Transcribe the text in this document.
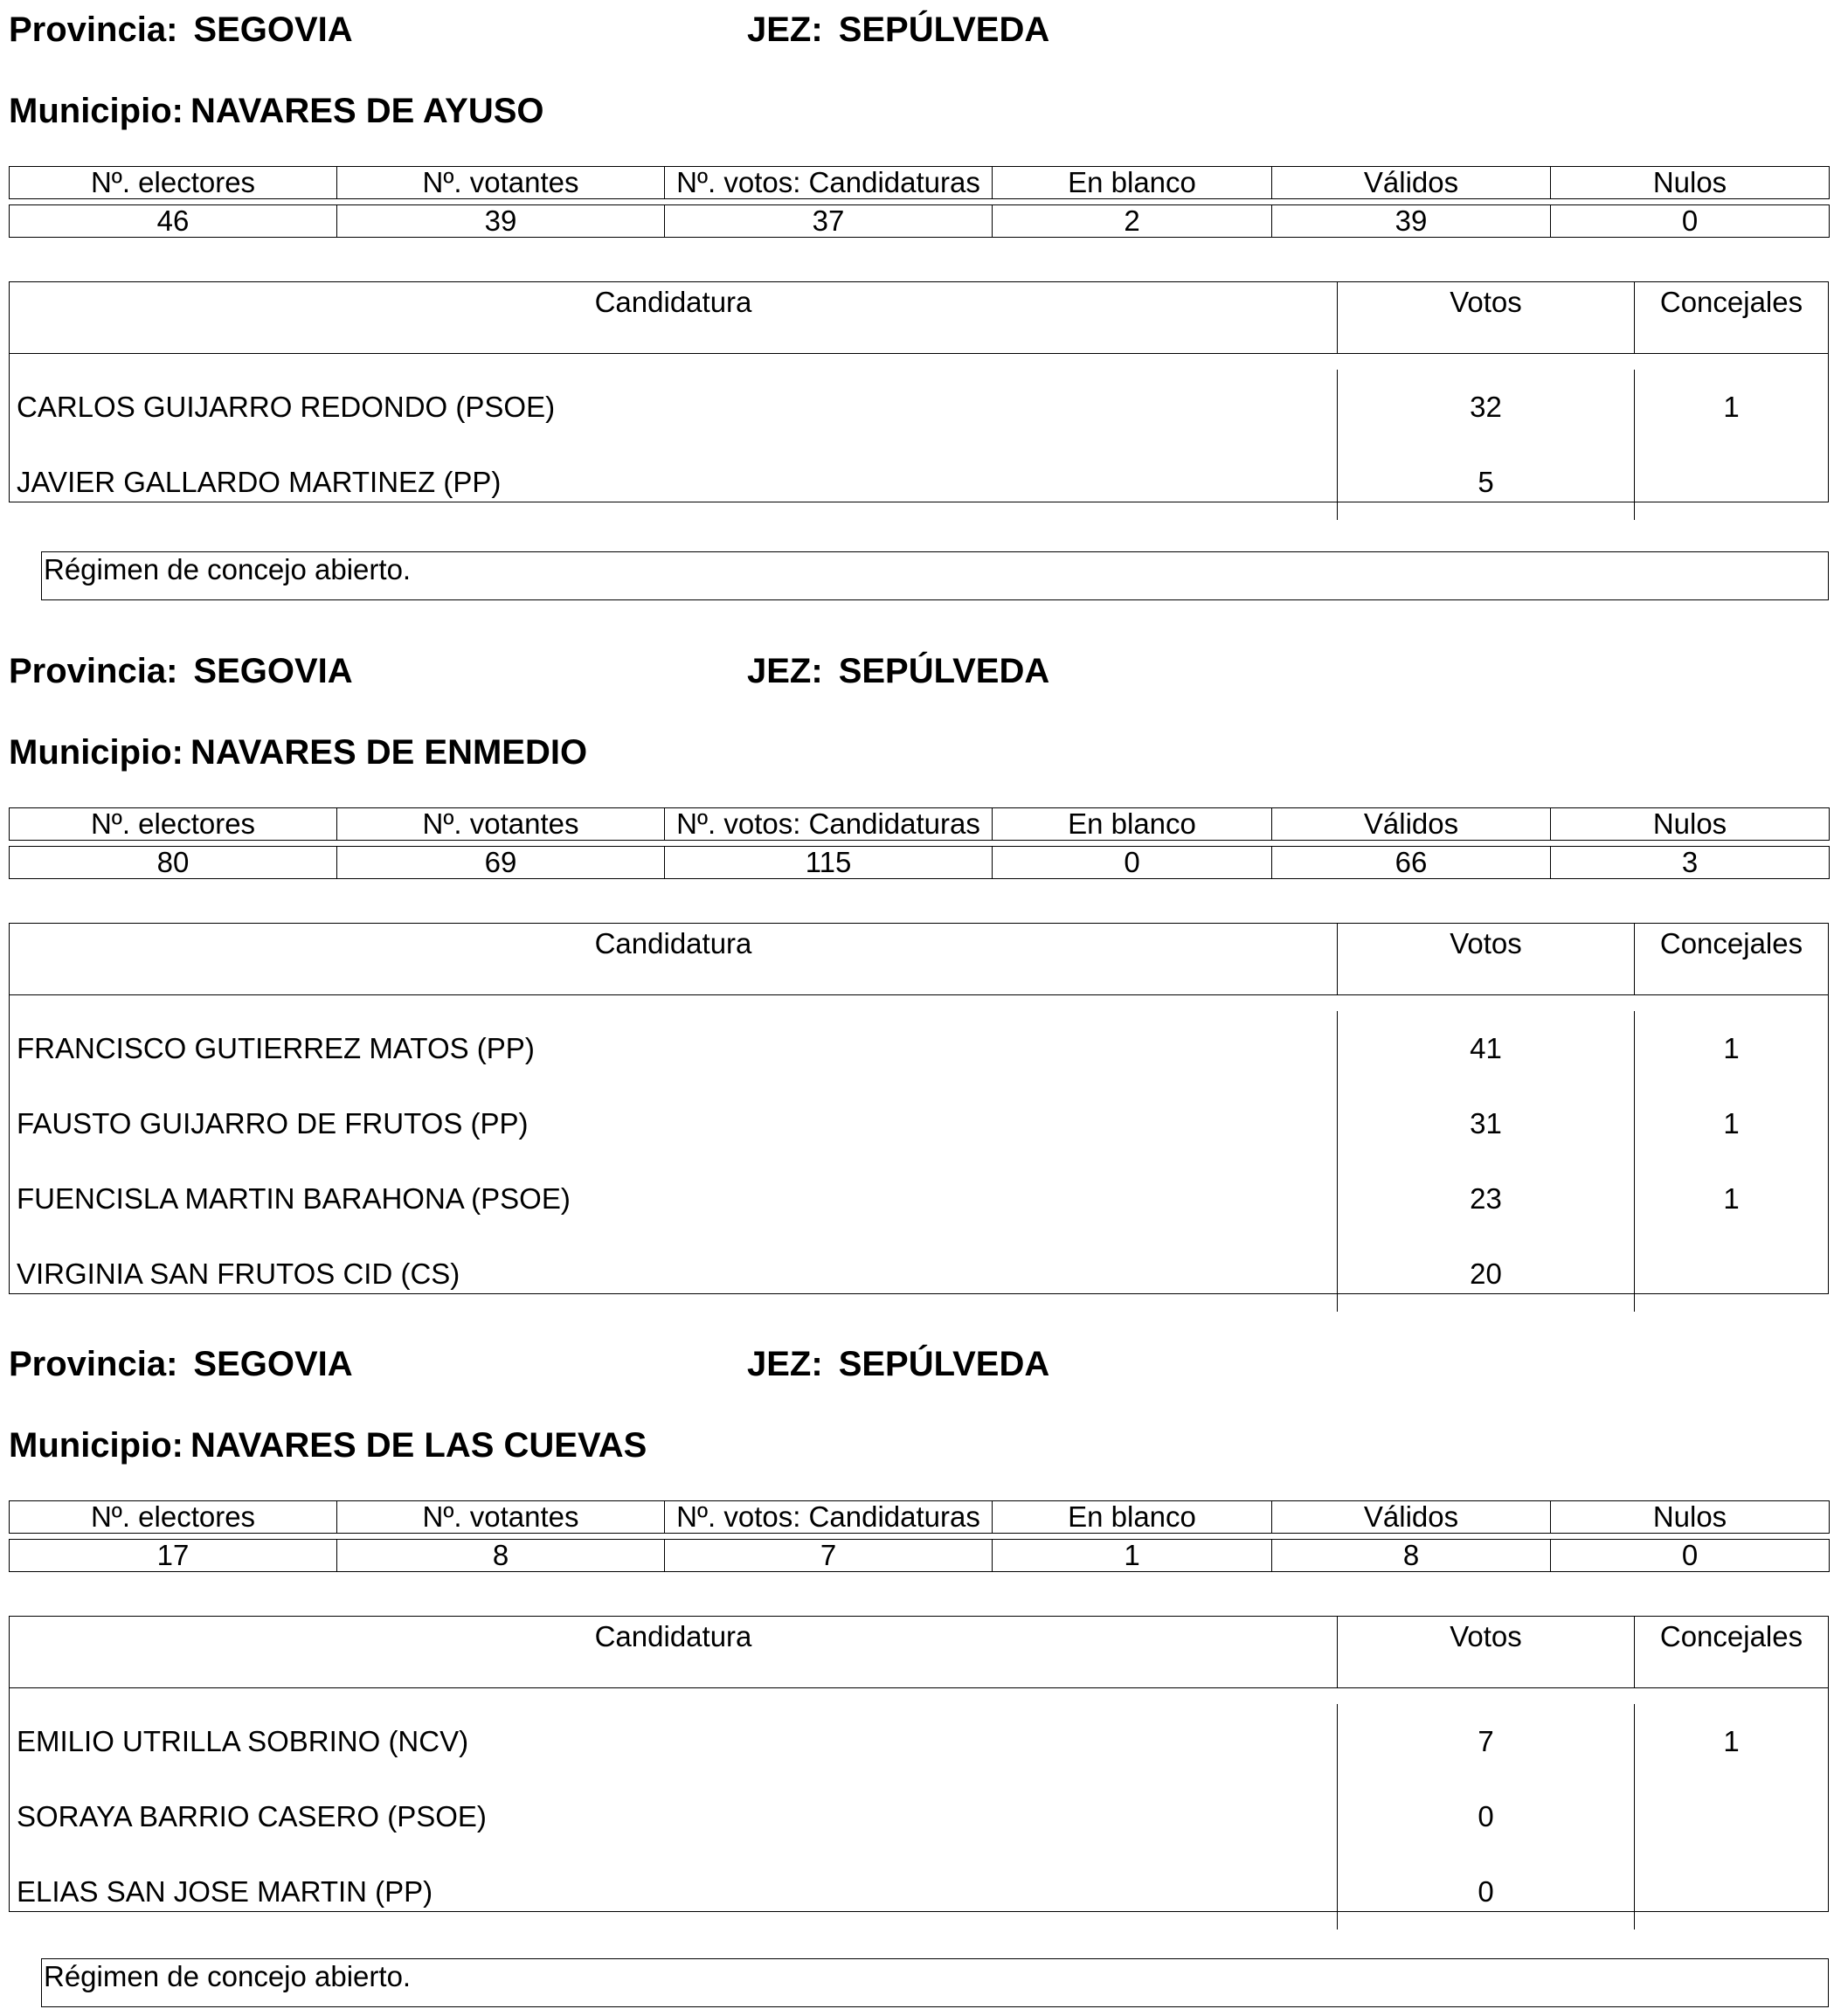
Provincia: SEGOVIA	JEZ: SEPÚLVEDA
Municipio: NAVARES DE AYUSO
Nº. electores	Nº. votantes	Nº. votos: Candidaturas	En blanco	Válidos	Nulos

46	39	37	2	39	0
Candidatura	Votos	Concejales
CARLOS GUIJARRO REDONDO (PSOE)	32	1
JAVIER GALLARDO MARTINEZ (PP)	5
Régimen de concejo abierto.
Provincia: SEGOVIA	JEZ: SEPÚLVEDA
Municipio: NAVARES DE ENMEDIO
Nº. electores	Nº. votantes	Nº. votos: Candidaturas	En blanco	Válidos	Nulos

80	69	115	0	66	3
Candidatura	Votos	Concejales
FRANCISCO GUTIERREZ MATOS (PP)	41	1
FAUSTO GUIJARRO DE FRUTOS (PP)	31	1
FUENCISLA MARTIN BARAHONA (PSOE)	23	1
VIRGINIA SAN FRUTOS CID (CS)	20
Provincia: SEGOVIA	JEZ: SEPÚLVEDA
Municipio: NAVARES DE LAS CUEVAS
Nº. electores	Nº. votantes	Nº. votos: Candidaturas	En blanco	Válidos	Nulos

17	8	7	1	8	0
Candidatura	Votos	Concejales
EMILIO UTRILLA SOBRINO (NCV)	7	1
SORAYA BARRIO CASERO (PSOE)	0
ELIAS SAN JOSE MARTIN (PP)	0
Régimen de concejo abierto.
